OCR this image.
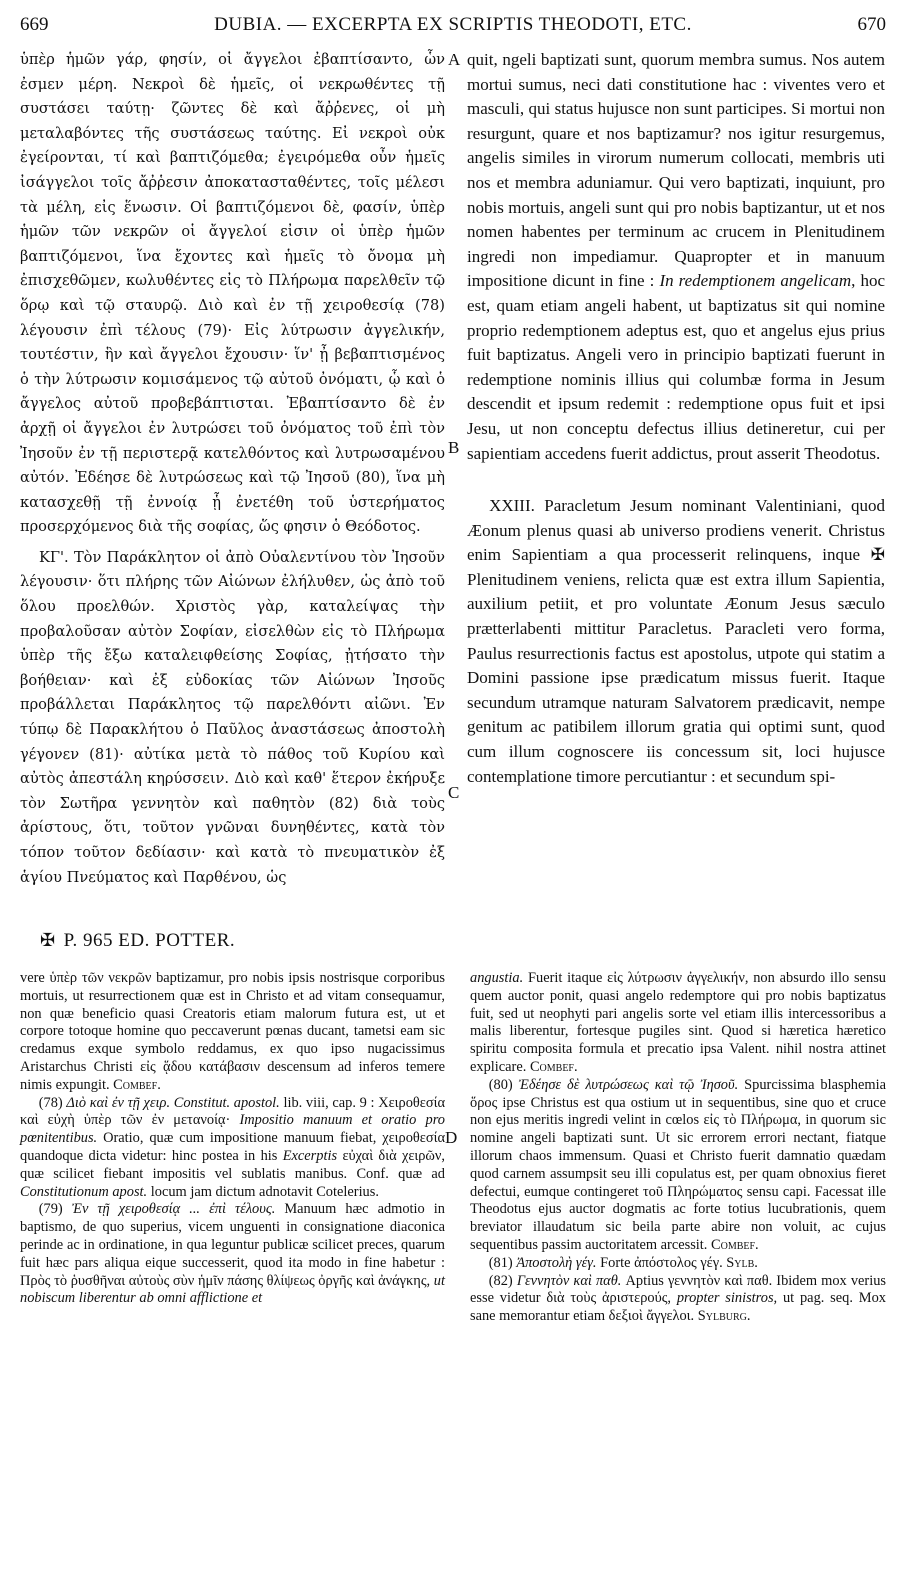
669	DUBIA. — EXCERPTA EX SCRIPTIS THEODOTI, ETC.	670

ὑπὲρ ἡμῶν γάρ, φησίν, οἱ ἄγγελοι ἐβαπτίσαντο, ὧν ἐσμεν μέρη. Νεκροὶ δὲ ἡμεῖς, οἱ νεκρωθέντες τῇ συστάσει ταύτῃ· ζῶντες δὲ καὶ ἄῤῥενες, οἱ μὴ μεταλαβόντες τῆς συστάσεως ταύτης. Εἰ νεκροὶ οὐκ ἐγείρονται, τί καὶ βαπτιζόμεθα; ἐγειρόμεθα οὖν ἡμεῖς ἰσάγγελοι τοῖς ἄῤῥεσιν ἀποκατασταθέντες, τοῖς μέλεσι τὰ μέλη, εἰς ἕνωσιν. Οἱ βαπτιζόμενοι δὲ, φασίν, ὑπὲρ ἡμῶν τῶν νεκρῶν οἱ ἄγγελοί εἰσιν οἱ ὑπὲρ ἡμῶν βαπτιζόμενοι, ἵνα ἔχοντες καὶ ἡμεῖς τὸ ὄνομα μὴ ἐπισχεθῶμεν, κωλυθέντες εἰς τὸ Πλήρωμα παρελθεῖν τῷ ὅρῳ καὶ τῷ σταυρῷ. Διὸ καὶ ἐν τῇ χειροθεσίᾳ (78) λέγουσιν ἐπὶ τέλους (79)· Εἰς λύτρωσιν ἀγγελικήν, τουτέστιν, ἣν καὶ ἄγγελοι ἔχουσιν· ἵν' ᾖ βεβαπτισμένος ὁ τὴν λύτρωσιν κομισάμενος τῷ αὐτοῦ ὀνόματι, ᾧ καὶ ὁ ἄγγελος αὐτοῦ προβεβάπτισται. Ἐβαπτίσαντο δὲ ἐν ἀρχῇ οἱ ἄγγελοι ἐν λυτρώσει τοῦ ὀνόματος τοῦ ἐπὶ τὸν Ἰησοῦν ἐν τῇ περιστερᾷ κατελθόντος καὶ λυτρωσαμένου αὐτόν. Ἐδέησε δὲ λυτρώσεως καὶ τῷ Ἰησοῦ (80), ἵνα μὴ κατασχεθῇ τῇ ἐννοίᾳ ᾗ ἐνετέθη τοῦ ὑστερήματος προσερχόμενος διὰ τῆς σοφίας, ὥς φησιν ὁ Θεόδοτος.

ΚΓ'. Τὸν Παράκλητον οἱ ἀπὸ Οὐαλεντίνου τὸν Ἰησοῦν λέγουσιν· ὅτι πλήρης τῶν Αἰώνων ἐλήλυθεν, ὡς ἀπὸ τοῦ ὅλου προελθών. Χριστὸς γὰρ, καταλείψας τὴν προβαλοῦσαν αὐτὸν Σοφίαν, εἰσελθὼν εἰς τὸ Πλήρωμα ὑπὲρ τῆς ἔξω καταλειφθείσης Σοφίας, ᾐτήσατο τὴν βοήθειαν· καὶ ἐξ εὐδοκίας τῶν Αἰώνων Ἰησοῦς προβάλλεται Παράκλητος τῷ παρελθόντι αἰῶνι. Ἐν τύπῳ δὲ Παρακλήτου ὁ Παῦλος ἀναστάσεως ἀποστολὴ γέγονεν (81)· αὐτίκα μετὰ τὸ πάθος τοῦ Κυρίου καὶ αὐτὸς ἀπεστάλη κηρύσσειν. Διὸ καὶ καθ' ἕτερον ἐκήρυξε τὸν Σωτῆρα γεννητὸν καὶ παθητὸν (82) διὰ τοὺς ἀρίστους, ὅτι, τοῦτον γνῶναι δυνηθέντες, κατὰ τὸν τόπον τοῦτον δεδίασιν· καὶ κατὰ τὸ πνευματικὸν ἐξ ἁγίου Πνεύματος καὶ Παρθένου, ὡς

A
B
C
D

quit, ngeli baptizati sunt, quorum membra sumus. Nos autem mortui sumus, neci dati constitutione hac : viventes vero et masculi, qui status hujusce non sunt participes. Si mortui non resurgunt, quare et nos baptizamur? nos igitur resurgemus, angelis similes in virorum numerum collocati, membris uti nos et membra aduniamur. Qui vero baptizati, inquiunt, pro nobis mortuis, angeli sunt qui pro nobis baptizantur, ut et nos nomen habentes per terminum ac crucem in Plenitudinem ingredi non impediamur. Quapropter et in manuum impositione dicunt in fine : In redemptionem angelicam, hoc est, quam etiam angeli habent, ut baptizatus sit qui nomine proprio redemptionem adeptus est, quo et angelus ejus prius fuit baptizatus. Angeli vero in principio baptizati fuerunt in redemptione nominis illius qui columbæ forma in Jesum descendit et ipsum redemit : redemptione opus fuit et ipsi Jesu, ut non conceptu defectus illius detineretur, cui per sapientiam accedens fuerit addictus, prout asserit Theodotus.

XXIII. Paracletum Jesum nominant Valentiniani, quod Æonum plenus quasi ab universo prodiens venerit. Christus enim Sapientiam a qua processerit relinquens, inque ✠ Plenitudinem veniens, relicta quæ est extra illum Sapientia, auxilium petiit, et pro voluntate Æonum Jesus sæculo prætterlabenti mittitur Paracletus. Paracleti vero forma, Paulus resurrectionis factus est apostolus, utpote qui statim a Domini passione ipse prædicatum missus fuerit. Itaque secundum utramque naturam Salvatorem prædicavit, nempe genitum ac patibilem illorum gratia qui optimi sunt, quod cum illum cognoscere iis concessum sit, loci hujusce contemplatione timore percutiantur : et secundum spi-

✠ P. 965 ED. POTTER.

vere ὑπὲρ τῶν νεκρῶν baptizamur, pro nobis ipsis nostrisque corporibus mortuis, ut resurrectionem quæ est in Christo et ad vitam consequamur, non quæ beneficio quasi Creatoris etiam malorum futura est, ut et corpore totoque homine quo peccaverunt pœnas ducant, tametsi eam sic credamus exque symbolo reddamus, ex quo ipso nugacissimus Aristarchus Christi εἰς ᾅδου κατάβασιν descensum ad inferos temere nimis expungit. Combef.

(78) Διὸ καὶ ἐν τῇ χειρ. Constitut. apostol. lib. viii, cap. 9 : Χειροθεσία καὶ εὐχὴ ὑπὲρ τῶν ἐν μετανοίᾳ· Impositio manuum et oratio pro pœnitentibus. Oratio, quæ cum impositione manuum fiebat, χειροθεσία quandoque dicta videtur: hinc postea in his Excerptis εὐχαὶ διὰ χειρῶν, quæ scilicet fiebant impositis vel sublatis manibus. Conf. quæ ad Constitutionum apost. locum jam dictum adnotavit Cotelerius.

(79) Ἐν τῇ χειροθεσίᾳ ... ἐπὶ τέλους. Manuum hæc admotio in baptismo, de quo superius, vicem unguenti in consignatione diaconica perinde ac in ordinatione, in qua leguntur publicæ scilicet preces, quarum fuit hæc pars aliqua eique successerit, quod ita modo in fine habetur : Πρὸς τὸ ῥυσθῆναι αὐτοὺς σὺν ἡμῖν πάσης θλίψεως ὀργῆς καὶ ἀνάγκης, ut nobiscum liberentur ab omni afflictione et

angustia. Fuerit itaque εἰς λύτρωσιν ἀγγελικήν, non absurdo illo sensu quem auctor ponit, quasi angelo redemptore qui pro nobis baptizatus fuit, sed ut neophyti pari angelis sorte vel etiam illis intercessoribus a malis liberentur, fortesque pugiles sint. Quod si hæretica hæretico spiritu composita formula et precatio ipsa Valent. nihil nostra attinet explicare. Combef.

(80) Ἐδέησε δὲ λυτρώσεως καὶ τῷ Ἰησοῦ. Spurcissima blasphemia ὅρος ipse Christus est qua ostium ut in sequentibus, sine quo et cruce non ejus meritis ingredi velint in cœlos εἰς τὸ Πλήρωμα, in quorum sic nomine angeli baptizati sunt. Ut sic errorem errori nectant, fiatque illorum chaos immensum. Quasi et Christo fuerit damnatio quædam quod carnem assumpsit seu illi copulatus est, per quam obnoxius fieret defectui, eumque contingeret τοῦ Πληρώματος sensu capi. Facessat ille Theodotus ejus auctor dogmatis ac forte totius lucubrationis, quem breviator illaudatum sic beila parte abire non voluit, ac cujus sequentibus passim auctoritatem arcessit. Combef.

(81) Ἀποστολὴ γέγ. Forte ἀπόστολος γέγ. Sylb.

(82) Γεννητὸν καὶ παθ. Aptius γεννητὸν καὶ παθ. Ibidem mox verius esse videtur διὰ τοὺς ἀριστερούς, propter sinistros, ut pag. seq. Mox sane memorantur etiam δεξιοὶ ἄγγελοι. Sylburg.
